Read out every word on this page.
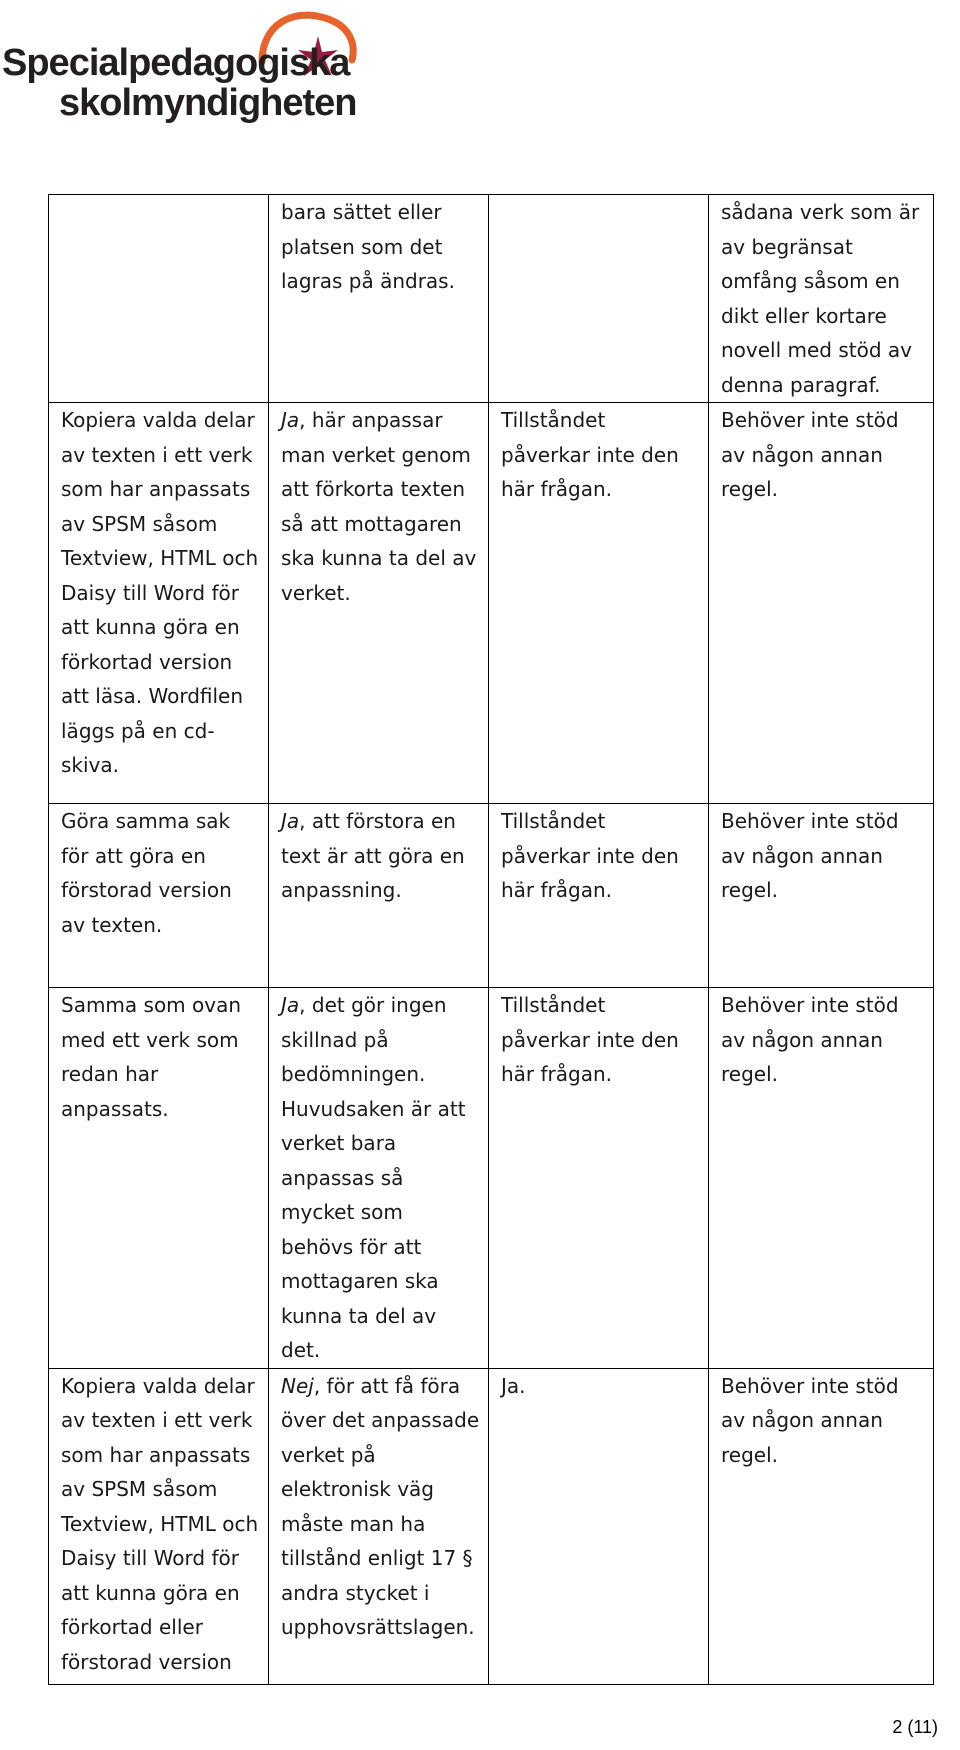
Specialpedagogiska
skolmyndigheten
	bara sättet eller platsen som det lagras på ändras.		sådana verk som är av begränsat omfång såsom en dikt eller kortare novell med stöd av denna paragraf.
Kopiera valda delar av texten i ett verk som har anpassats av SPSM såsom Textview, HTML och Daisy till Word för att kunna göra en förkortad version att läsa. Wordfilen läggs på en cd-skiva.	Ja, här anpassar man verket genom att förkorta texten så att mottagaren ska kunna ta del av verket.	Tillståndet påverkar inte den här frågan.	Behöver inte stöd av någon annan regel.
Göra samma sak för att göra en förstorad version av texten.	Ja, att förstora en text är att göra en anpassning.	Tillståndet påverkar inte den här frågan.	Behöver inte stöd av någon annan regel.
Samma som ovan med ett verk som redan har anpassats.	Ja, det gör ingen skillnad på bedömningen. Huvudsaken är att verket bara anpassas så mycket som behövs för att mottagaren ska kunna ta del av det.	Tillståndet påverkar inte den här frågan.	Behöver inte stöd av någon annan regel.
Kopiera valda delar av texten i ett verk som har anpassats av SPSM såsom Textview, HTML och Daisy till Word för att kunna göra en förkortad eller förstorad version	Nej, för att få föra över det anpassade verket på elektronisk väg måste man ha tillstånd enligt 17 § andra stycket i upphovsrättslagen.	Ja.	Behöver inte stöd av någon annan regel.
2 (11)
